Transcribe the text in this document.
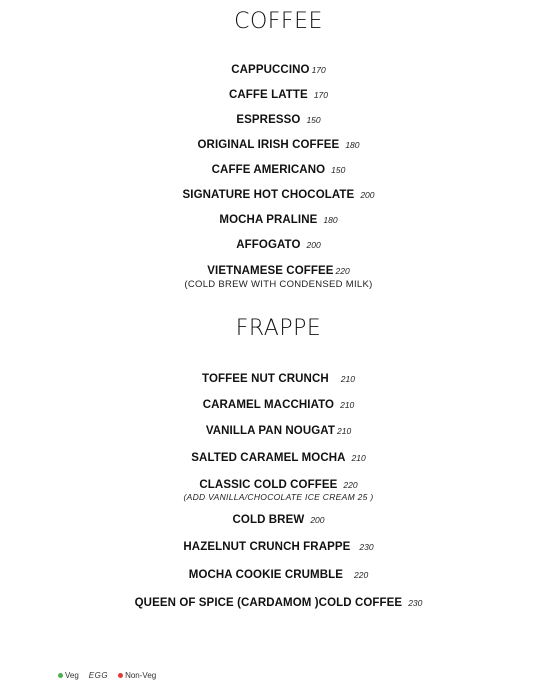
COFFEE
CAPPUCCINO 170
CAFFE LATTE 170
ESPRESSO 150
ORIGINAL IRISH COFFEE 180
CAFFE AMERICANO 150
SIGNATURE HOT CHOCOLATE 200
MOCHA PRALINE 180
AFFOGATO 200
VIETNAMESE COFFEE 220
(COLD BREW WITH CONDENSED MILK)
FRAPPE
TOFFEE NUT CRUNCH 210
CARAMEL MACCHIATO 210
VANILLA PAN NOUGAT 210
SALTED CARAMEL MOCHA 210
CLASSIC COLD COFFEE 220
(ADD VANILLA/CHOCOLATE ICE CREAM 25 )
COLD BREW 200
HAZELNUT CRUNCH FRAPPE 230
MOCHA COOKIE CRUMBLE 220
QUEEN OF SPICE (CARDAMOM )COLD COFFEE 230
Veg EGG Non-Veg
